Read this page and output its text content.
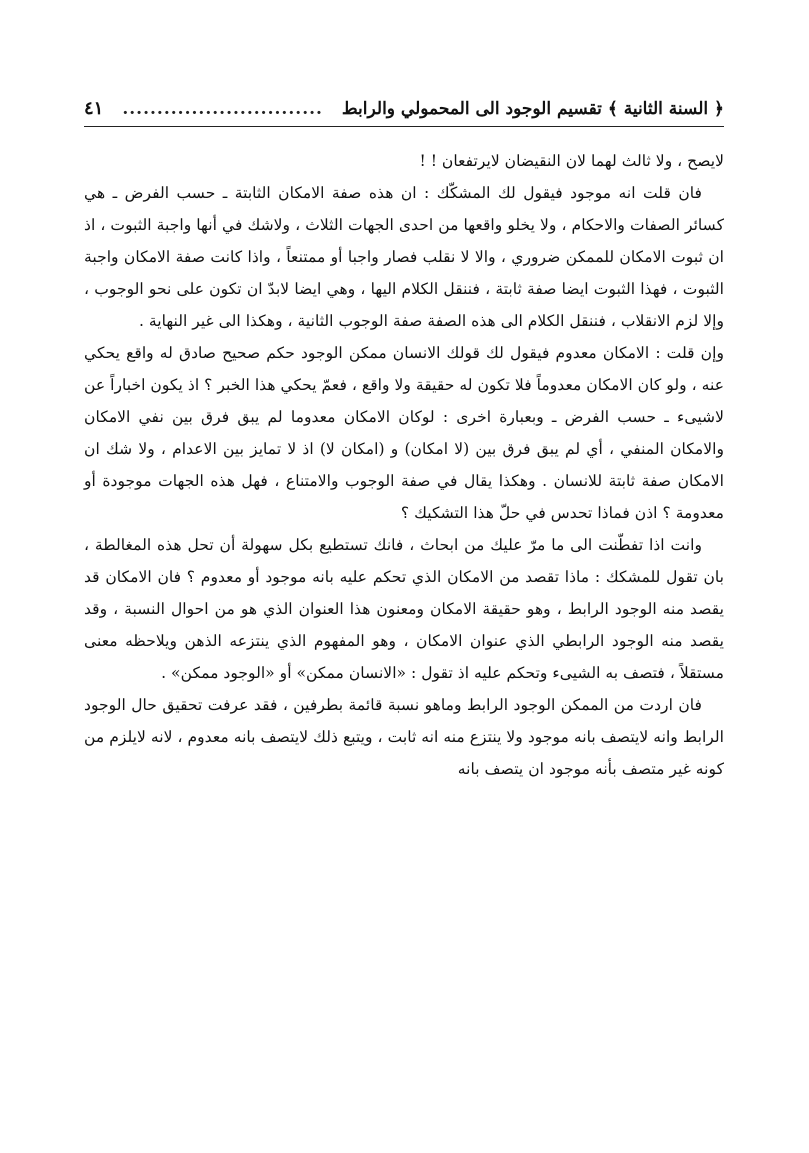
﴿ السنة الثانية ﴾ تقسيم الوجود الى المحمولي والرابط
.............................
٤١

لايصح ، ولا ثالث لهما لان النقيضان لايرتفعان ! !

فان قلت انه موجود فيقول لك المشكّك : ان هذه صفة الامكان الثابتة ـ حسب الفرض ـ هي كسائر الصفات والاحكام ، ولا يخلو واقعها من احدى الجهات الثلاث ، ولاشك في أنها واجبة الثبوت ، اذ ان ثبوت الامكان للممكن ضروري ، والا لا نقلب فصار واجبا أو ممتنعاً ، واذا كانت صفة الامكان واجبة الثبوت ، فهذا الثبوت ايضا صفة ثابتة ، فننقل الكلام اليها ، وهي ايضا لابدّ ان تكون على نحو الوجوب ، وإلا لزم الانقلاب ، فننقل الكلام الى هذه الصفة صفة الوجوب الثانية ، وهكذا الى غير النهاية .

وإن قلت : الامكان معدوم فيقول لك قولك الانسان ممكن الوجود حكم صحيح صادق له واقع يحكي عنه ، ولو كان الامكان معدوماً فلا تكون له حقيقة ولا واقع ، فعمّ يحكي هذا الخبر ؟ اذ يكون اخباراً عن لاشيىء ـ حسب الفرض ـ وبعبارة اخرى : لوكان الامكان معدوما لم يبق فرق بين نفي الامكان والامكان المنفي ، أي لم يبق فرق بين (لا امكان) و (امكان لا) اذ لا تمايز بين الاعدام ، ولا شك ان الامكان صفة ثابتة للانسان . وهكذا يقال في صفة الوجوب والامتناع ، فهل هذه الجهات موجودة أو معدومة ؟ اذن فماذا تحدس في حلّ هذا التشكيك ؟

وانت اذا تفطّنت الى ما مرّ عليك من ابحاث ، فانك تستطيع بكل سهولة أن تحل هذه المغالطة ، بان تقول للمشكك : ماذا تقصد من الامكان الذي تحكم عليه بانه موجود أو معدوم ؟ فان الامكان قد يقصد منه الوجود الرابط ، وهو حقيقة الامكان ومعنون هذا العنوان الذي هو من احوال النسبة ، وقد يقصد منه الوجود الرابطي الذي عنوان الامكان ، وهو المفهوم الذي ينتزعه الذهن ويلاحظه معنى مستقلاً ، فتصف به الشيىء وتحكم عليه اذ تقول : «الانسان ممكن» أو «الوجود ممكن» .

فان اردت من الممكن الوجود الرابط وماهو نسبة قائمة بطرفين ، فقد عرفت تحقيق حال الوجود الرابط وانه لايتصف بانه موجود ولا ينتزع منه انه ثابت ، ويتبع ذلك لايتصف بانه معدوم ، لانه لايلزم من كونه غير متصف بأنه موجود ان يتصف بانه
